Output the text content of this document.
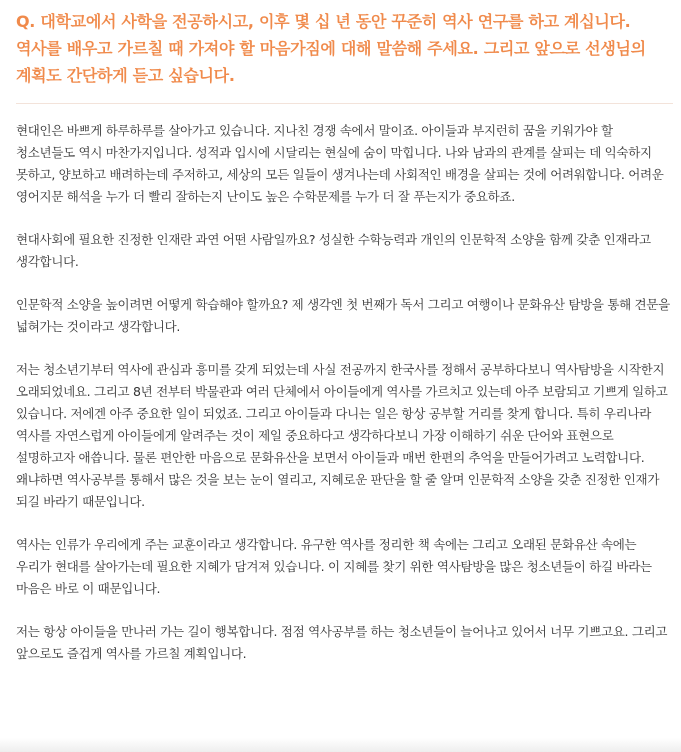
Q. 대학교에서 사학을 전공하시고, 이후 몇 십 년 동안 꾸준히 역사 연구를 하고 계십니다. 역사를 배우고 가르칠 때 가져야 할 마음가짐에 대해 말씀해 주세요. 그리고 앞으로 선생님의 계획도 간단하게 듣고 싶습니다.

현대인은 바쁘게 하루하루를 살아가고 있습니다. 지나친 경쟁 속에서 말이죠. 아이들과 부지런히 꿈을 키워가야 할 청소년들도 역시 마찬가지입니다. 성적과 입시에 시달리는 현실에 숨이 막힙니다. 나와 남과의 관계를 살피는 데 익숙하지 못하고, 양보하고 배려하는데 주저하고, 세상의 모든 일들이 생겨나는데 사회적인 배경을 살피는 것에 어려워합니다. 어려운 영어지문 해석을 누가 더 빨리 잘하는지 난이도 높은 수학문제를 누가 더 잘 푸는지가 중요하죠.

현대사회에 필요한 진정한 인재란 과연 어떤 사람일까요? 성실한 수학능력과 개인의 인문학적 소양을 함께 갖춘 인재라고 생각합니다.

인문학적 소양을 높이려면 어떻게 학습해야 할까요? 제 생각엔 첫 번째가 독서 그리고 여행이나 문화유산 탐방을 통해 견문을 넓혀가는 것이라고 생각합니다.

저는 청소년기부터 역사에 관심과 흥미를 갖게 되었는데 사실 전공까지 한국사를 정해서 공부하다보니 역사탐방을 시작한지 오래되었네요. 그리고 8년 전부터 박물관과 여러 단체에서 아이들에게 역사를 가르치고 있는데 아주 보람되고 기쁘게 일하고 있습니다. 저에겐 아주 중요한 일이 되었죠. 그리고 아이들과 다니는 일은 항상 공부할 거리를 찾게 합니다. 특히 우리나라 역사를 자연스럽게 아이들에게 알려주는 것이 제일 중요하다고 생각하다보니 가장 이해하기 쉬운 단어와 표현으로 설명하고자 애씁니다. 물론 편안한 마음으로 문화유산을 보면서 아이들과 매번 한편의 추억을 만들어가려고 노력합니다. 왜냐하면 역사공부를 통해서 많은 것을 보는 눈이 열리고, 지혜로운 판단을 할 줄 알며 인문학적 소양을 갖춘 진정한 인재가 되길 바라기 때문입니다.

역사는 인류가 우리에게 주는 교훈이라고 생각합니다. 유구한 역사를 정리한 책 속에는 그리고 오래된 문화유산 속에는 우리가 현대를 살아가는데 필요한 지혜가 담겨져 있습니다. 이 지혜를 찾기 위한 역사탐방을 많은 청소년들이 하길 바라는 마음은 바로 이 때문입니다.

저는 항상 아이들을 만나러 가는 길이 행복합니다. 점점 역사공부를 하는 청소년들이 늘어나고 있어서 너무 기쁘고요. 그리고 앞으로도 즐겁게 역사를 가르칠 계획입니다.
